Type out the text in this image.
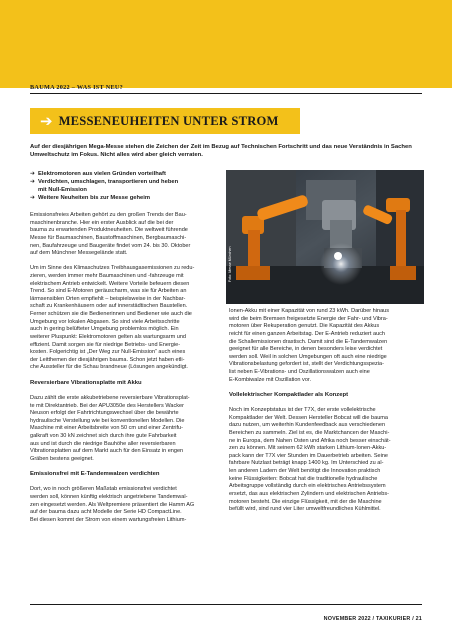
BAUMA 2022 – WAS IST NEU?
➔ MESSENEUHEITEN UNTER STROM
Auf der diesjährigen Mega-Messe stehen die Zeichen der Zeit im Bezug auf Technischen Fortschritt und das neue Verständnis in Sachen Umweltschutz im Fokus. Nicht alles wird aber gleich verraten.
➔ Elektromotoren aus vielen Gründen vorteilhaft
➔ Verdichten, umschlagen, transportieren und heben
mit Null-Emission
➔ Weitere Neuheiten bis zur Messe geheim

Emissionsfreies Arbeiten gehört zu den großen Trends der Bau-
maschinenbranche. Hier ein erster Ausblick auf die bei der
bauma zu erwartenden Produktneuheiten. Die weltweit führende
Messe für Baumaschinen, Baustoffmaschinen, Bergbaumaschi-
nen, Baufahrzeuge und Baugeräte findet vom 24. bis 30. Oktober
auf dem Münchner Messegelände statt.

Um im Sinne des Klimaschutzes Treibhausgasemissionen zu redu-
zieren, werden immer mehr Baumaschinen und -fahrzeuge mit
elektrischem Antrieb entwickelt. Weitere Vorteile befeuern diesen
Trend. So sind E-Motoren geräuscharm, was sie für Arbeiten an
lärmsensiblen Orten empfiehlt – beispielsweise in der Nachbar-
schaft zu Krankenhäusern oder auf innerstädtischen Baustellen.
Ferner schützen sie die Bedienerinnen und Bediener wie auch die
Umgebung vor lokalen Abgasen. So sind viele Arbeitsschritte
auch in gering belüfteter Umgebung problemlos möglich. Ein
weiterer Pluspunkt: Elektromotoren gelten als wartungsarm und
effizient. Damit sorgen sie für niedrige Betriebs- und Energie-
kosten. Folgerichtig ist „Der Weg zur Null-Emission“ auch eines
der Leitthemen der diesjährigen bauma. Schon jetzt haben etli-
che Aussteller für die Schau brandneue (Lösungen angekündigt.

Reversierbare Vibrationsplatte mit Akku

Dazu zählt die erste akkubetriebene reversierbare Vibrationsplat-
te mit Direktantrieb. Bei der APU3050e des Herstellers Wacker
Neuson erfolgt der Fahrtrichtungswechsel über die bewährte
hydraulische Verstellung wie bei konventionellen Modellen. Die
Maschine mit einer Arbeitsbreite von 50 cm und einer Zentrifu-
galkraft von 30 kN zeichnet sich durch ihre gute Fahrbarkeit
aus und ist durch die niedrige Bauhöhe aller reversierbaren
Vibrationsplatten auf dem Markt auch für den Einsatz in engen
Gräben bestens geeignet.

Emissionsfrei mit E-Tandemwalzen verdichten

Dort, wo in noch größeren Maßstab emissionsfrei verdichtet
werden soll, können künftig elektrisch angetriebene Tandemwal-
zen eingesetzt werden. Als Weltpremiere präsentiert die Hamm AG
auf der bauma dazu acht Modelle der Serie HD CompactLine.
Bei diesen kommt der Strom von einem wartungsfreien Lithium-

Foto: Messe München

Ionen-Akku mit einer Kapazität von rund 23 kWh. Darüber hinaus
wird die beim Bremsen freigesetzte Energie der Fahr- und Vibra-
motoren über Rekuperation genutzt. Die Kapazität des Akkus
reicht für einen ganzen Arbeitstag. Der E-Antrieb reduziert auch
die Schallemissionen drastisch. Damit sind die E-Tandemwalzen
geeignet für alle Bereiche, in denen besonders leise verdichtet
werden soll. Weil in solchen Umgebungen oft auch eine niedrige
Vibrationsbelastung gefordert ist, stellt der Verdichtungsspezia-
list neben E-Vibrations- und Oszillationswalzen auch eine
E-Kombiwalze mit Oszillation vor.

Vollelektrischer Kompaktlader als Konzept

Noch im Konzeptstatus ist der T7X, der erste vollelektrische
Kompaktlader der Welt. Dessen Hersteller Bobcat will die bauma
dazu nutzen, um weiterhin Kundenfeedback aus verschiedenen
Bereichen zu sammeln. Ziel ist es, die Marktchancen der Maschi-
ne in Europa, dem Nahen Osten und Afrika noch besser einschät-
zen zu können. Mit seinem 62 kWh starken Lithium-Ionen-Akku-
pack kann der T7X vier Stunden im Dauerbetrieb arbeiten. Seine
fahrbare Nutzlast beträgt knapp 1400 kg. Im Unterschied zu al-
len anderen Ladern der Welt benötigt die Innovation praktisch
keine Flüssigkeiten: Bobcat hat die traditionelle hydraulische
Arbeitsgruppe vollständig durch ein elektrisches Antriebssystem
ersetzt, das aus elektrischen Zylindern und elektrischen Antriebs-
motoren besteht. Die einzige Flüssigkeit, mit der die Maschine
befüllt wird, sind rund vier Liter umweltfreundliches Kühlmittel.

NOVEMBER 2022 / TAXIKURIER / 21
